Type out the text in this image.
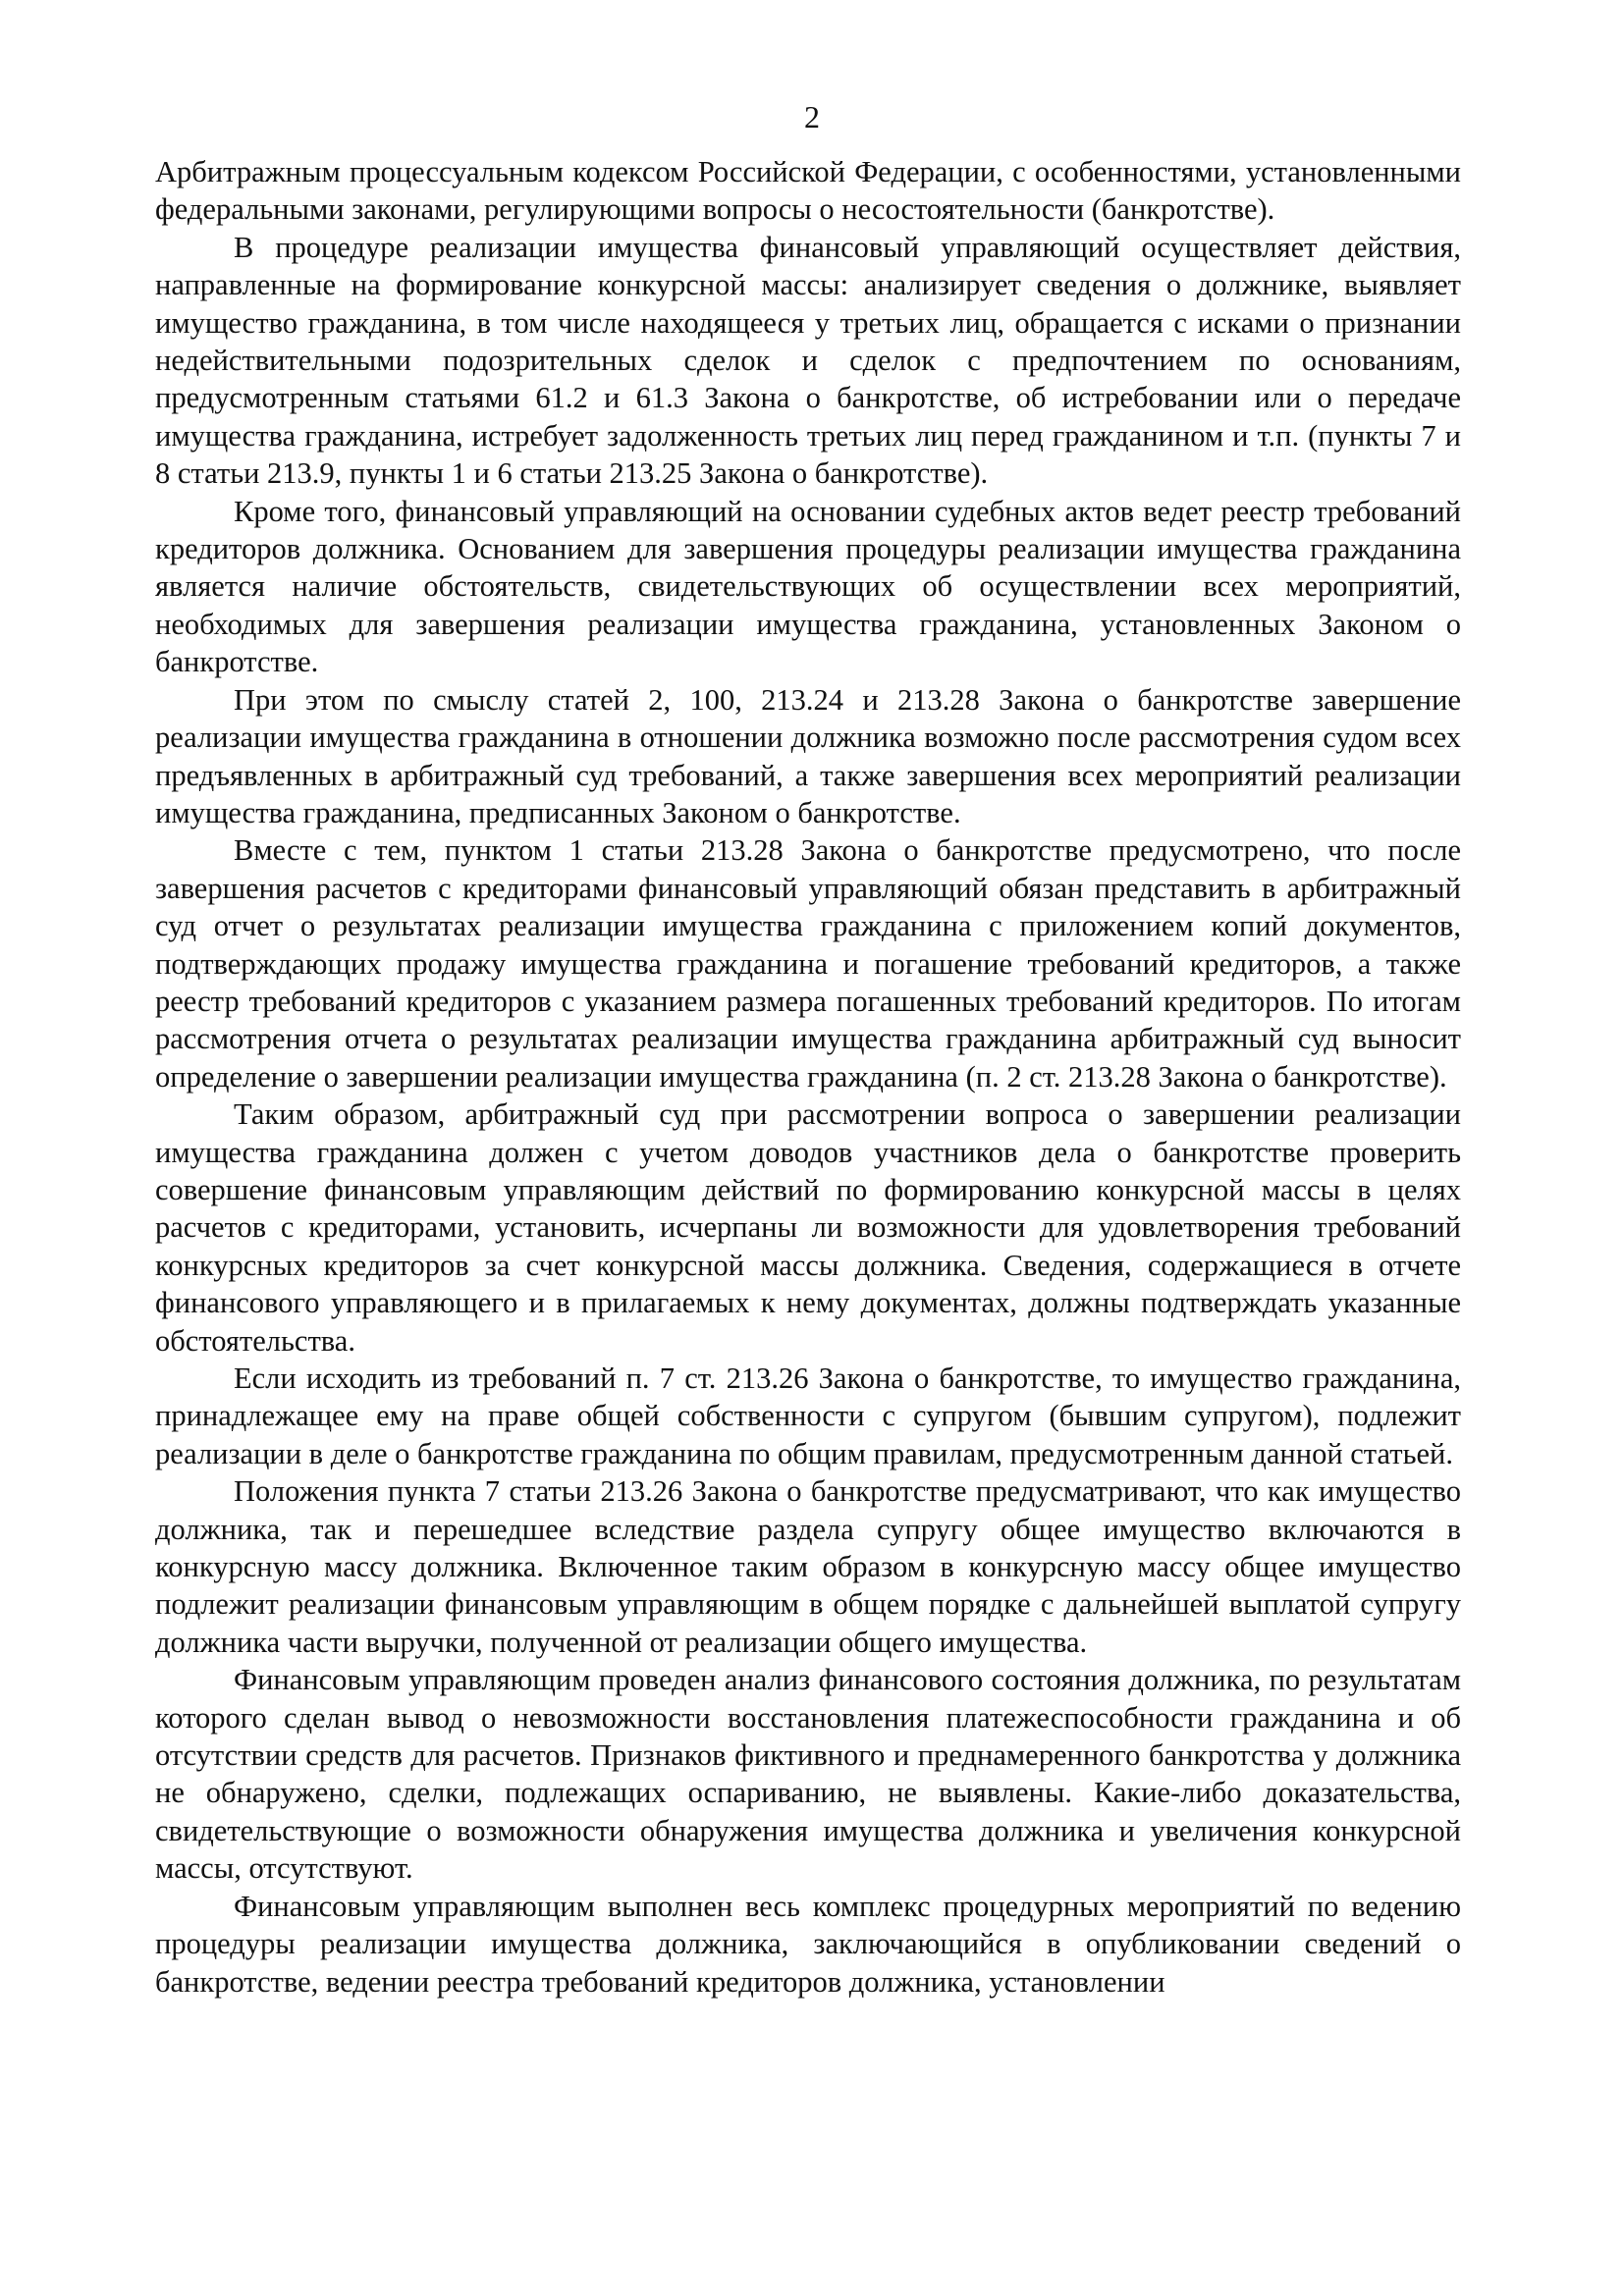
2

Арбитражным процессуальным кодексом Российской Федерации, с особенностями, установленными федеральными законами, регулирующими вопросы о несостоятельности (банкротстве).

В процедуре реализации имущества финансовый управляющий осуществляет действия, направленные на формирование конкурсной массы: анализирует сведения о должнике, выявляет имущество гражданина, в том числе находящееся у третьих лиц, обращается с исками о признании недействительными подозрительных сделок и сделок с предпочтением по основаниям, предусмотренным статьями 61.2 и 61.3 Закона о банкротстве, об истребовании или о передаче имущества гражданина, истребует задолженность третьих лиц перед гражданином и т.п. (пункты 7 и 8 статьи 213.9, пункты 1 и 6 статьи 213.25 Закона о банкротстве).

Кроме того, финансовый управляющий на основании судебных актов ведет реестр требований кредиторов должника. Основанием для завершения процедуры реализации имущества гражданина является наличие обстоятельств, свидетельствующих об осуществлении всех мероприятий, необходимых для завершения реализации имущества гражданина, установленных Законом о банкротстве.

При этом по смыслу статей 2, 100, 213.24 и 213.28 Закона о банкротстве завершение реализации имущества гражданина в отношении должника возможно после рассмотрения судом всех предъявленных в арбитражный суд требований, а также завершения всех мероприятий реализации имущества гражданина, предписанных Законом о банкротстве.

Вместе с тем, пунктом 1 статьи 213.28 Закона о банкротстве предусмотрено, что после завершения расчетов с кредиторами финансовый управляющий обязан представить в арбитражный суд отчет о результатах реализации имущества гражданина с приложением копий документов, подтверждающих продажу имущества гражданина и погашение требований кредиторов, а также реестр требований кредиторов с указанием размера погашенных требований кредиторов. По итогам рассмотрения отчета о результатах реализации имущества гражданина арбитражный суд выносит определение о завершении реализации имущества гражданина (п. 2 ст. 213.28 Закона о банкротстве).

Таким образом, арбитражный суд при рассмотрении вопроса о завершении реализации имущества гражданина должен с учетом доводов участников дела о банкротстве проверить совершение финансовым управляющим действий по формированию конкурсной массы в целях расчетов с кредиторами, установить, исчерпаны ли возможности для удовлетворения требований конкурсных кредиторов за счет конкурсной массы должника. Сведения, содержащиеся в отчете финансового управляющего и в прилагаемых к нему документах, должны подтверждать указанные обстоятельства.

Если исходить из требований п. 7 ст. 213.26 Закона о банкротстве, то имущество гражданина, принадлежащее ему на праве общей собственности с супругом (бывшим супругом), подлежит реализации в деле о банкротстве гражданина по общим правилам, предусмотренным данной статьей.

Положения пункта 7 статьи 213.26 Закона о банкротстве предусматривают, что как имущество должника, так и перешедшее вследствие раздела супругу общее имущество включаются в конкурсную массу должника. Включенное таким образом в конкурсную массу общее имущество подлежит реализации финансовым управляющим в общем порядке с дальнейшей выплатой супругу должника части выручки, полученной от реализации общего имущества.

Финансовым управляющим проведен анализ финансового состояния должника, по результатам которого сделан вывод о невозможности восстановления платежеспособности гражданина и об отсутствии средств для расчетов. Признаков фиктивного и преднамеренного банкротства у должника не обнаружено, сделки, подлежащих оспариванию, не выявлены. Какие-либо доказательства, свидетельствующие о возможности обнаружения имущества должника и увеличения конкурсной массы, отсутствуют.

Финансовым управляющим выполнен весь комплекс процедурных мероприятий по ведению процедуры реализации имущества должника, заключающийся в опубликовании сведений о банкротстве, ведении реестра требований кредиторов должника, установлении
